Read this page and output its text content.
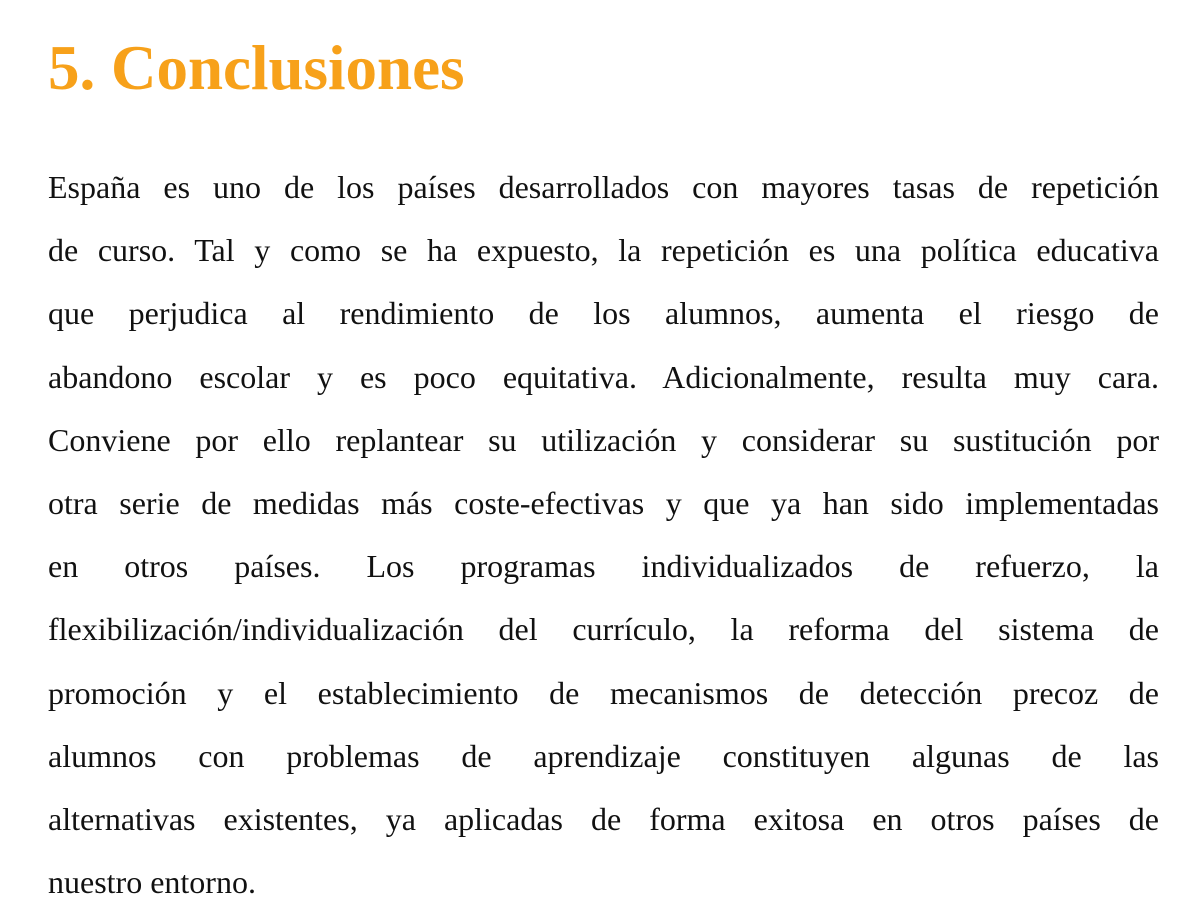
5. Conclusiones
España es uno de los países desarrollados con mayores tasas de repetición
de curso. Tal y como se ha expuesto, la repetición es una política educativa
que perjudica al rendimiento de los alumnos, aumenta el riesgo de
abandono escolar y es poco equitativa. Adicionalmente, resulta muy cara.
Conviene por ello replantear su utilización y considerar su sustitución por
otra serie de medidas más coste-efectivas y que ya han sido implementadas
en otros países. Los programas individualizados de refuerzo, la
flexibilización/individualización del currículo, la reforma del sistema de
promoción y el establecimiento de mecanismos de detección precoz de
alumnos con problemas de aprendizaje constituyen algunas de las
alternativas existentes, ya aplicadas de forma exitosa en otros países de
nuestro entorno.
